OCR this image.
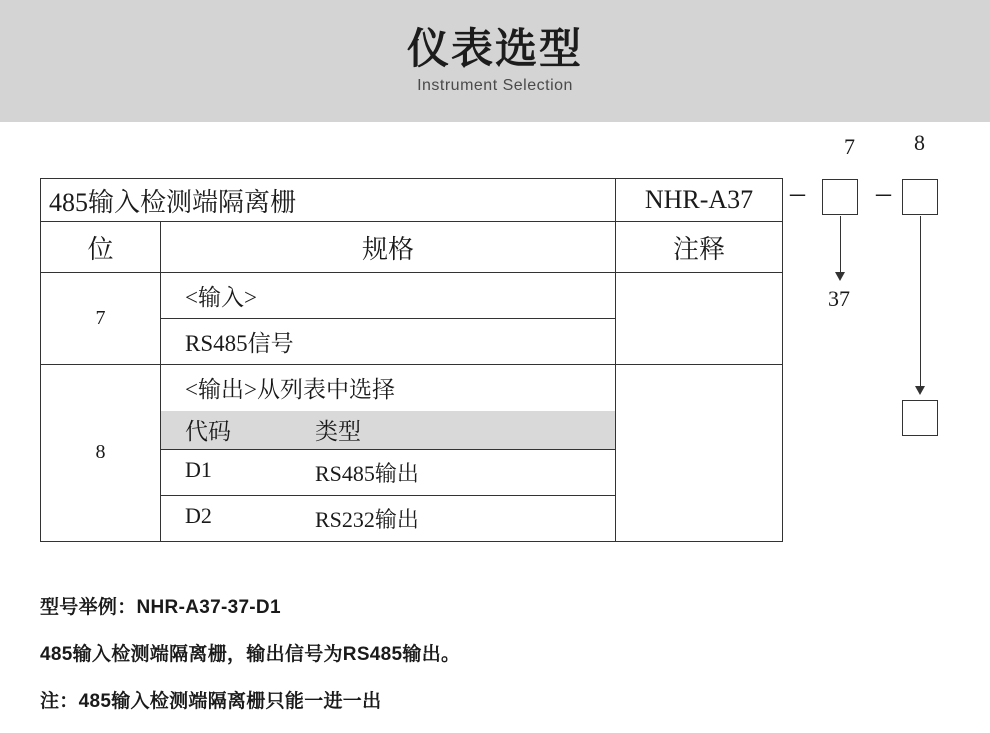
仪表选型
Instrument Selection
485输入检测端隔离栅		NHR-A37
位	规格	注释
7	<输入>	
	RS485信号	
8	<输出>从列表中选择	

	代码 类型	

	D1 RS485输出	

	D2 RS232输出	
7	8
– –
37
型号举例：NHR-A37-37-D1
485输入检测端隔离栅，输出信号为RS485输出。
注：485输入检测端隔离栅只能一进一出
